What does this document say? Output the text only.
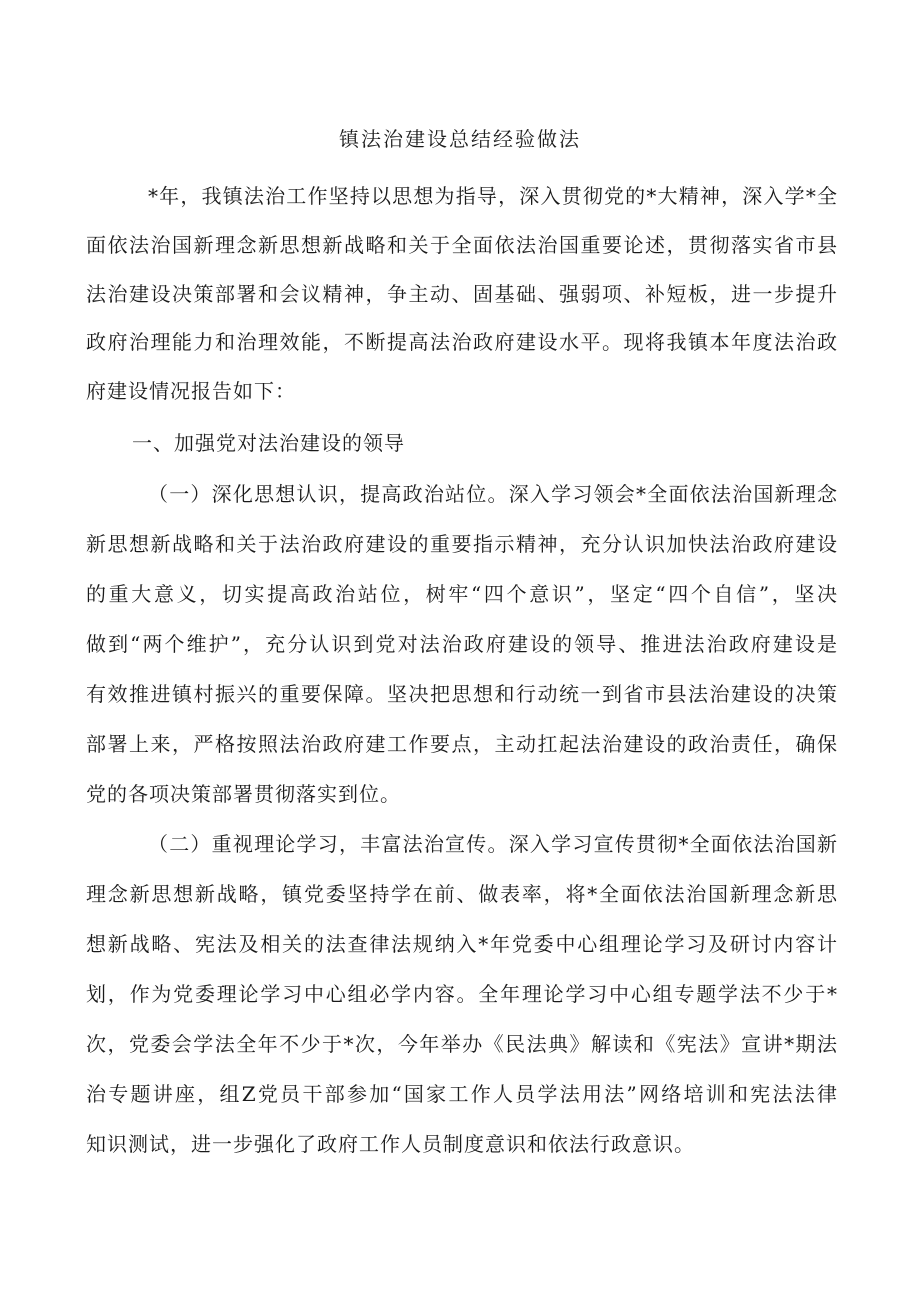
镇法治建设总结经验做法
*年，我镇法治工作坚持以思想为指导，深入贯彻党的*大精神，深入学*全
面依法治国新理念新思想新战略和关于全面依法治国重要论述，贯彻落实省市县
法治建设决策部署和会议精神，争主动、固基础、强弱项、补短板，进一步提升
政府治理能力和治理效能，不断提高法治政府建设水平。现将我镇本年度法治政
府建设情况报告如下：
一、加强党对法治建设的领导
（一）深化思想认识，提高政治站位。深入学习领会*全面依法治国新理念
新思想新战略和关于法治政府建设的重要指示精神，充分认识加快法治政府建设
的重大意义，切实提高政治站位，树牢“四个意识”，坚定“四个自信”，坚决
做到“两个维护”，充分认识到党对法治政府建设的领导、推进法治政府建设是
有效推进镇村振兴的重要保障。坚决把思想和行动统一到省市县法治建设的决策
部署上来，严格按照法治政府建工作要点，主动扛起法治建设的政治责任，确保
党的各项决策部署贯彻落实到位。
（二）重视理论学习，丰富法治宣传。深入学习宣传贯彻*全面依法治国新
理念新思想新战略，镇党委坚持学在前、做表率，将*全面依法治国新理念新思
想新战略、宪法及相关的法查律法规纳入*年党委中心组理论学习及研讨内容计
划，作为党委理论学习中心组必学内容。全年理论学习中心组专题学法不少于*
次，党委会学法全年不少于*次，今年举办《民法典》解读和《宪法》宣讲*期法
治专题讲座，组Z党员干部参加“国家工作人员学法用法”网络培训和宪法法律
知识测试，进一步强化了政府工作人员制度意识和依法行政意识。
